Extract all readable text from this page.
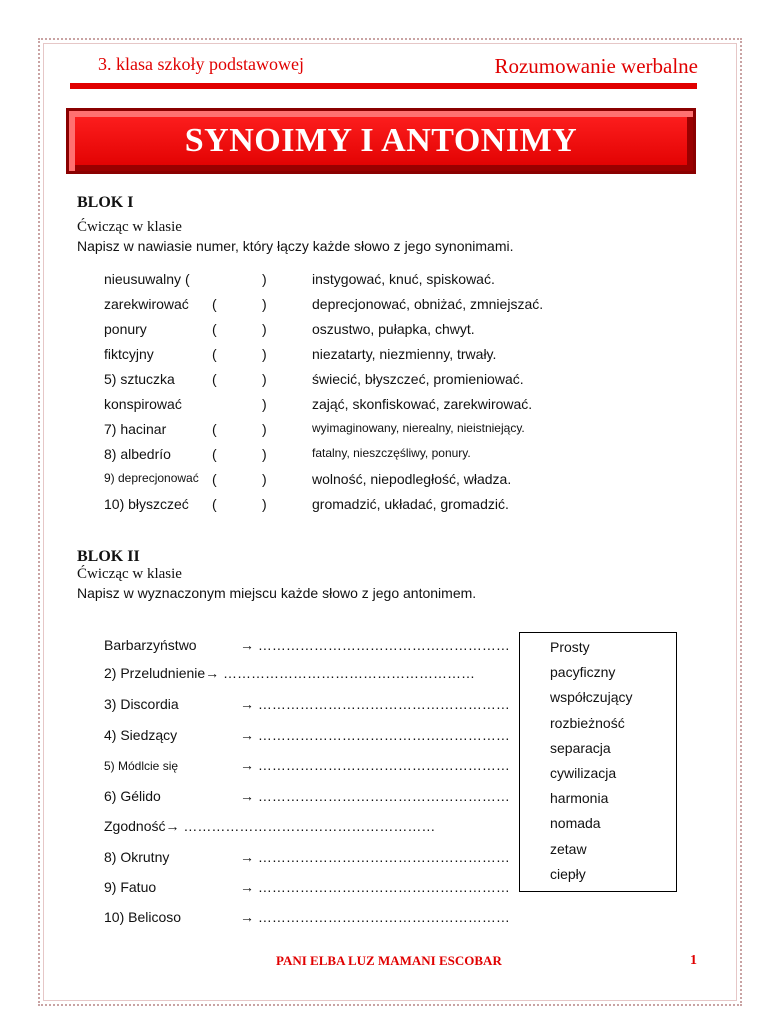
3. klasa szkoły podstawowej	Rozumowanie werbalne
SYNOIMY I ANTONIMY
BLOK I
Ćwicząc w klasie
Napisz w nawiasie numer, który łączy każde słowo z jego synonimami.
nieusuwalny (	)	instygować, knuć, spiskować.
zarekwirować (	)	deprecjonować, obniżać, zmniejszać.
ponury	(	)	oszustwo, pułapka, chwyt.
fiktcyjny	(	)	niezatarty, niezmienny, trwały.
5) sztuczka	(	)	świecić, błyszczeć, promieniować.
konspirować	)	zająć, skonfiskować, zarekwirować.
7) hacinar	(	)	wyimaginowany, nierealny, nieistniejący.
8) albedrío	(	)	fatalny, nieszczęśliwy, ponury.
9) deprecjonować (	)	wolność, niepodległość, władza.
10) błyszczeć (	)	gromadzić, układać, gromadzić.
BLOK II
Ćwicząc w klasie
Napisz w wyznaczonym miejscu każde słowo z jego antonimem.
Barbarzyństwo	→ ………………………………………………
2) Przeludnienie→ ………………………………………………
3) Discordia	→ ………………………………………………
4) Siedzący	→ ………………………………………………
5) Módlcie się	→ ………………………………………………
6) Gélido	→ ………………………………………………
Zgodność→ ………………………………………………
8) Okrutny	→ ………………………………………………
9) Fatuo	→ ………………………………………………
10) Belicoso	→ ………………………………………………
Prosty
pacyficzny
współczujący
rozbieżność
separacja
cywilizacja
harmonia
nomada
zetaw
ciepły
PANI ELBA LUZ MAMANI ESCOBAR	1
